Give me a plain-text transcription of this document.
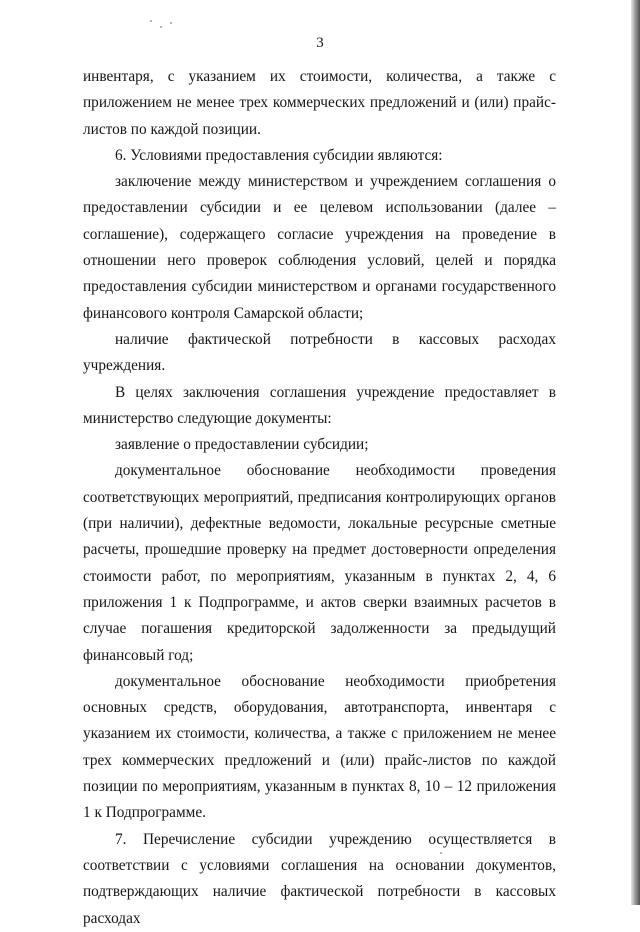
3

инвентаря, с указанием их стоимости, количества, а также с приложением не менее трех коммерческих предложений и (или) прайс-листов по каждой позиции.

6. Условиями предоставления субсидии являются:

заключение между министерством и учреждением соглашения о предоставлении субсидии и ее целевом использовании (далее – соглашение), содержащего согласие учреждения на проведение в отношении него проверок соблюдения условий, целей и порядка предоставления субсидии министерством и органами государственного финансового контроля Самарской области;

наличие фактической потребности в кассовых расходах учреждения.

В целях заключения соглашения учреждение предоставляет в министерство следующие документы:

заявление о предоставлении субсидии;

документальное обоснование необходимости проведения соответствующих мероприятий, предписания контролирующих органов (при наличии), дефектные ведомости, локальные ресурсные сметные расчеты, прошедшие проверку на предмет достоверности определения стоимости работ, по мероприятиям, указанным в пунктах 2, 4, 6 приложения 1 к Подпрограмме, и актов сверки взаимных расчетов в случае погашения кредиторской задолженности за предыдущий финансовый год;

документальное обоснование необходимости приобретения основных средств, оборудования, автотранспорта, инвентаря с указанием их стоимости, количества, а также с приложением не менее трех коммерческих предложений и (или) прайс-листов по каждой позиции по мероприятиям, указанным в пунктах 8, 10 – 12 приложения 1 к Подпрограмме.

7. Перечисление субсидии учреждению осуществляется в соответствии с условиями соглашения на основании документов, подтверждающих наличие фактической потребности в кассовых расходах
